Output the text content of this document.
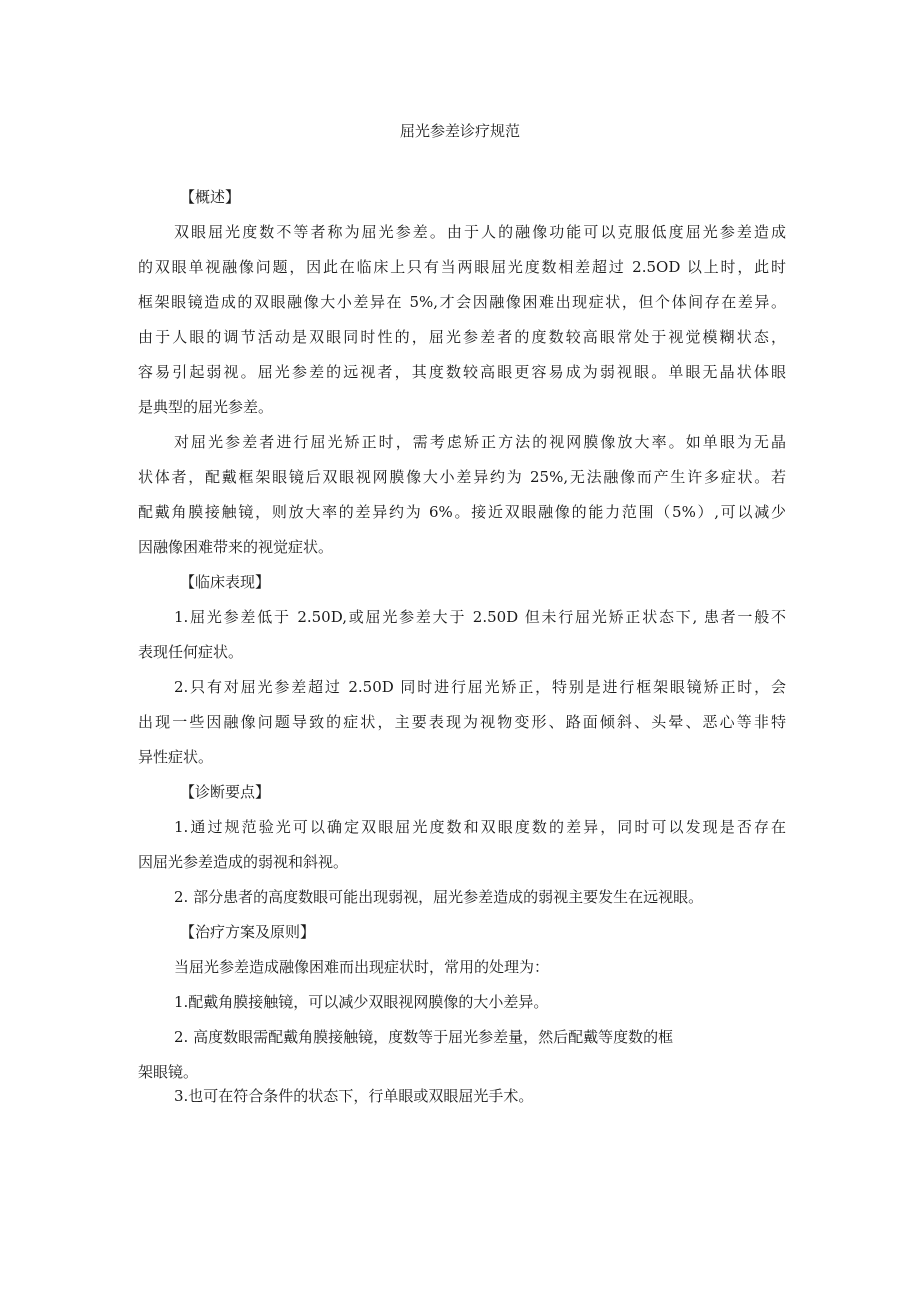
屈光参差诊疗规范
【概述】
双眼屈光度数不等者称为屈光参差。由于人的融像功能可以克服低度屈光参差造成
的双眼单视融像问题，因此在临床上只有当两眼屈光度数相差超过 2.5OD 以上时，此时
框架眼镜造成的双眼融像大小差异在 5%,才会因融像困难出现症状，但个体间存在差异。
由于人眼的调节活动是双眼同时性的，屈光参差者的度数较高眼常处于视觉模糊状态，
容易引起弱视。屈光参差的远视者，其度数较高眼更容易成为弱视眼。单眼无晶状体眼
是典型的屈光参差。
对屈光参差者进行屈光矫正时，需考虑矫正方法的视网膜像放大率。如单眼为无晶
状体者，配戴框架眼镜后双眼视网膜像大小差异约为 25%,无法融像而产生许多症状。若
配戴角膜接触镜，则放大率的差异约为 6%。接近双眼融像的能力范围（5%）,可以减少
因融像困难带来的视觉症状。
【临床表现】
1.屈光参差低于 2.50D,或屈光参差大于 2.50D 但未行屈光矫正状态下, 患者一般不
表现任何症状。
2.只有对屈光参差超过 2.50D 同时进行屈光矫正，特别是进行框架眼镜矫正时，会
出现一些因融像问题导致的症状，主要表现为视物变形、路面倾斜、头晕、恶心等非特
异性症状。
【诊断要点】
1.通过规范验光可以确定双眼屈光度数和双眼度数的差异，同时可以发现是否存在
因屈光参差造成的弱视和斜视。
2. 部分患者的高度数眼可能出现弱视，屈光参差造成的弱视主要发生在远视眼。
【治疗方案及原则】
当屈光参差造成融像困难而出现症状时，常用的处理为：
1.配戴角膜接触镜，可以减少双眼视网膜像的大小差异。
2. 高度数眼需配戴角膜接触镜，度数等于屈光参差量，然后配戴等度数的框
架眼镜。
3.也可在符合条件的状态下，行单眼或双眼屈光手术。
